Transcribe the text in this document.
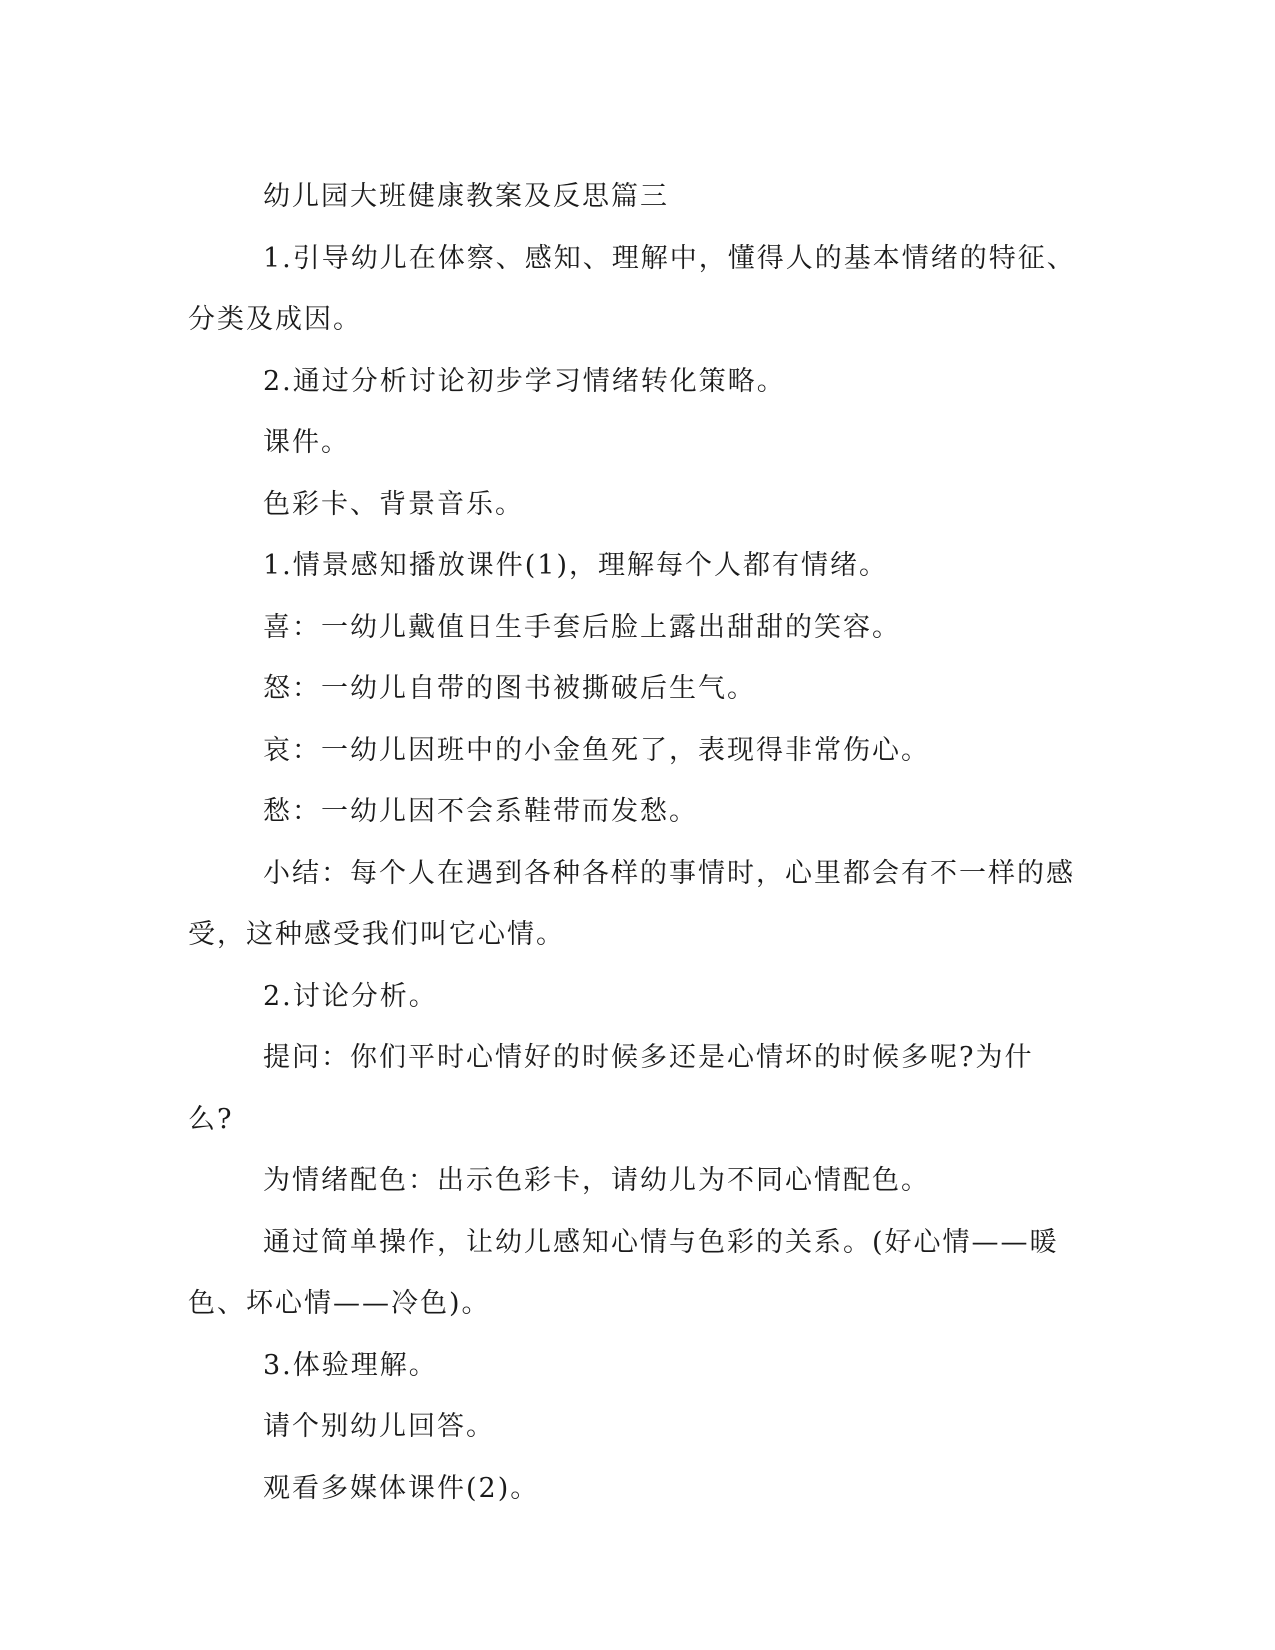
幼儿园大班健康教案及反思篇三

1.引导幼儿在体察、感知、理解中，懂得人的基本情绪的特征、分类及成因。

2.通过分析讨论初步学习情绪转化策略。

课件。

色彩卡、背景音乐。

1.情景感知播放课件(1)，理解每个人都有情绪。

喜：一幼儿戴值日生手套后脸上露出甜甜的笑容。

怒：一幼儿自带的图书被撕破后生气。

哀：一幼儿因班中的小金鱼死了，表现得非常伤心。

愁：一幼儿因不会系鞋带而发愁。

小结：每个人在遇到各种各样的事情时，心里都会有不一样的感受，这种感受我们叫它心情。

2.讨论分析。

提问：你们平时心情好的时候多还是心情坏的时候多呢?为什么?

为情绪配色：出示色彩卡，请幼儿为不同心情配色。

通过简单操作，让幼儿感知心情与色彩的关系。(好心情——暖色、坏心情——冷色)。

3.体验理解。

请个别幼儿回答。

观看多媒体课件(2)。
